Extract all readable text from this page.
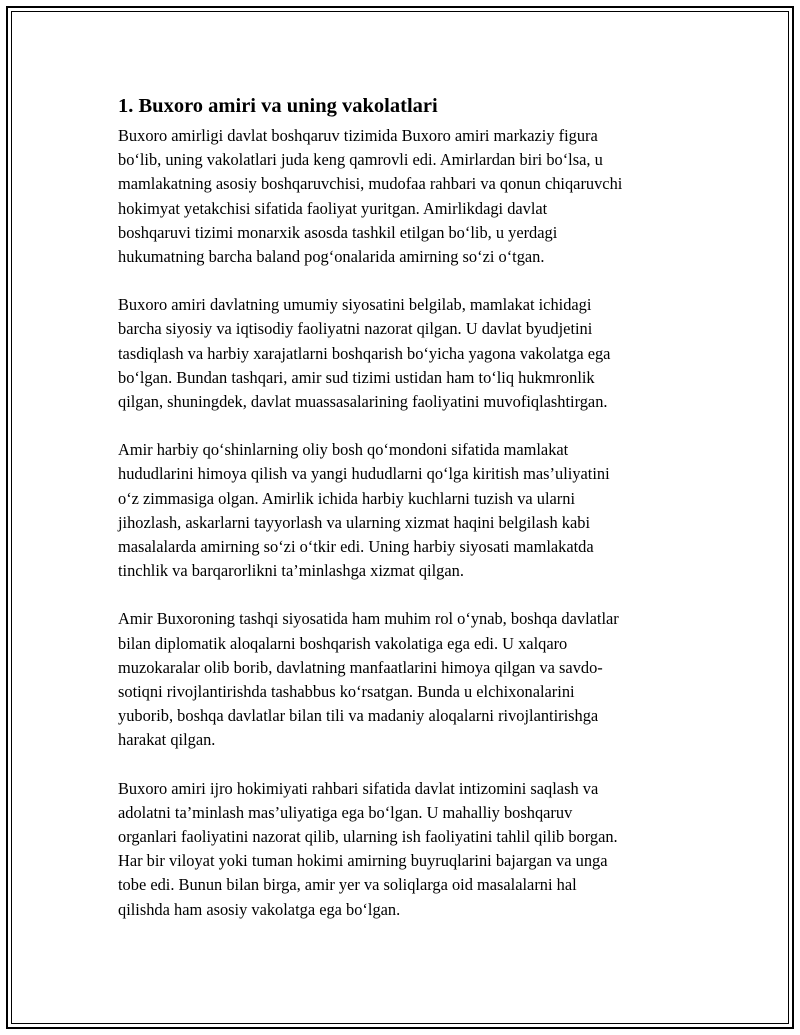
1. Buxoro amiri va uning vakolatlari

Buxoro amirligi davlat boshqaruv tizimida Buxoro amiri markaziy figura
bo‘lib, uning vakolatlari juda keng qamrovli edi. Amirlardan biri bo‘lsa, u
mamlakatning asosiy boshqaruvchisi, mudofaa rahbari va qonun chiqaruvchi
hokimyat yetakchisi sifatida faoliyat yuritgan. Amirlikdagi davlat
boshqaruvi tizimi monarxik asosda tashkil etilgan bo‘lib, u yerdagi
hukumatning barcha baland pog‘onalarida amirning so‘zi o‘tgan.

Buxoro amiri davlatning umumiy siyosatini belgilab, mamlakat ichidagi
barcha siyosiy va iqtisodiy faoliyatni nazorat qilgan. U davlat byudjetini
tasdiqlash va harbiy xarajatlarni boshqarish bo‘yicha yagona vakolatga ega
bo‘lgan. Bundan tashqari, amir sud tizimi ustidan ham to‘liq hukmronlik
qilgan, shuningdek, davlat muassasalarining faoliyatini muvofiqlashtirgan.

Amir harbiy qo‘shinlarning oliy bosh qo‘mondoni sifatida mamlakat
hududlarini himoya qilish va yangi hududlarni qo‘lga kiritish mas’uliyatini
o‘z zimmasiga olgan. Amirlik ichida harbiy kuchlarni tuzish va ularni
jihozlash, askarlarni tayyorlash va ularning xizmat haqini belgilash kabi
masalalarda amirning so‘zi o‘tkir edi. Uning harbiy siyosati mamlakatda
tinchlik va barqarorlikni ta’minlashga xizmat qilgan.

Amir Buxoroning tashqi siyosatida ham muhim rol o‘ynab, boshqa davlatlar
bilan diplomatik aloqalarni boshqarish vakolatiga ega edi. U xalqaro
muzokaralar olib borib, davlatning manfaatlarini himoya qilgan va savdo-
sotiqni rivojlantirishda tashabbus ko‘rsatgan. Bunda u elchixonalarini
yuborib, boshqa davlatlar bilan tili va madaniy aloqalarni rivojlantirishga
harakat qilgan.

Buxoro amiri ijro hokimiyati rahbari sifatida davlat intizomini saqlash va
adolatni ta’minlash mas’uliyatiga ega bo‘lgan. U mahalliy boshqaruv
organlari faoliyatini nazorat qilib, ularning ish faoliyatini tahlil qilib borgan.
Har bir viloyat yoki tuman hokimi amirning buyruqlarini bajargan va unga
tobe edi. Bunun bilan birga, amir yer va soliqlarga oid masalalarni hal
qilishda ham asosiy vakolatga ega bo‘lgan.
